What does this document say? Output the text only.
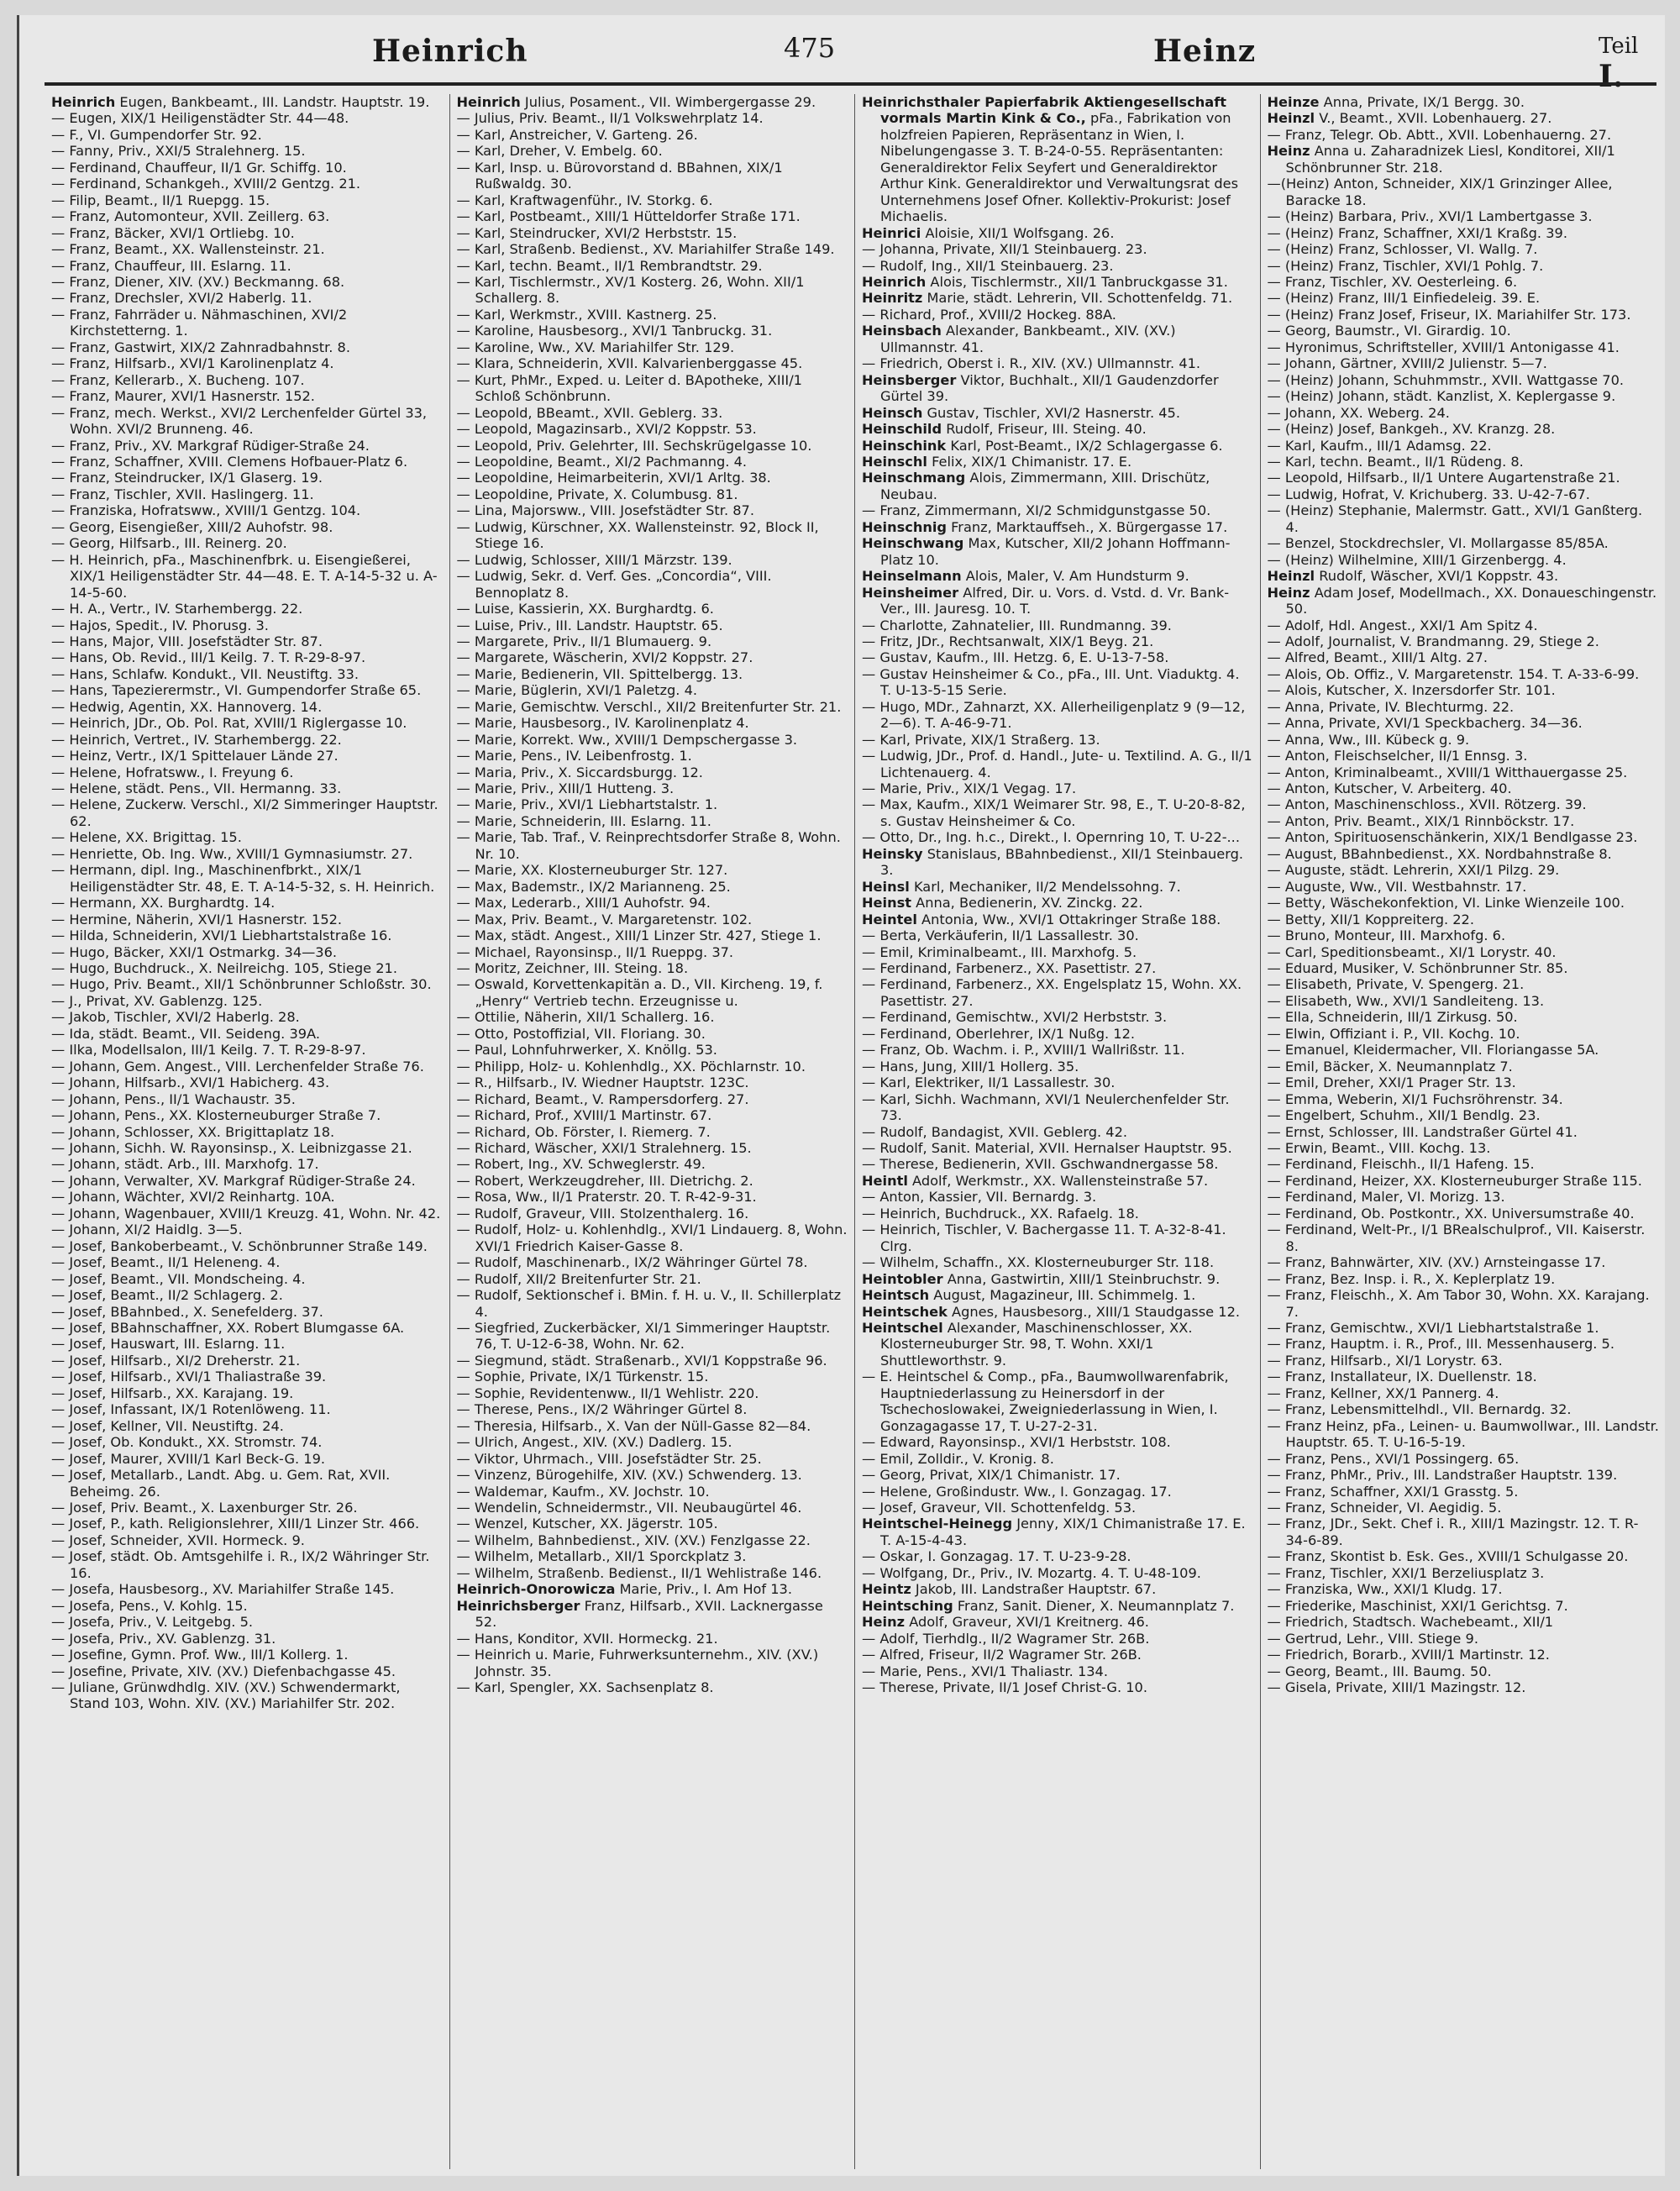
Heinrich	475	Heinz	Teil I.

Heinrich Eugen, Bankbeamt., III. Landstr. Hauptstr. 19.

— Eugen, XIX/1 Heiligenstädter Str. 44—48.

— F., VI. Gumpendorfer Str. 92.

— Fanny, Priv., XXI/5 Stralehnerg. 15.

— Ferdinand, Chauffeur, II/1 Gr. Schiffg. 10.

— Ferdinand, Schankgeh., XVIII/2 Gentzg. 21.

— Filip, Beamt., II/1 Ruepgg. 15.

— Franz, Automonteur, XVII. Zeillerg. 63.

— Franz, Bäcker, XVI/1 Ortliebg. 10.

— Franz, Beamt., XX. Wallensteinstr. 21.

— Franz, Chauffeur, III. Eslarng. 11.

— Franz, Diener, XIV. (XV.) Beckmanng. 68.

— Franz, Drechsler, XVI/2 Haberlg. 11.

— Franz, Fahrräder u. Nähmaschinen, XVI/2 Kirchstetterng. 1.

— Franz, Gastwirt, XIX/2 Zahnradbahnstr. 8.

— Franz, Hilfsarb., XVI/1 Karolinenplatz 4.

— Franz, Kellerarb., X. Bucheng. 107.

— Franz, Maurer, XVI/1 Hasnerstr. 152.

— Franz, mech. Werkst., XVI/2 Lerchenfelder Gürtel 33, Wohn. XVI/2 Brunneng. 46.

— Franz, Priv., XV. Markgraf Rüdiger-Straße 24.

— Franz, Schaffner, XVIII. Clemens Hofbauer-Platz 6.

— Franz, Steindrucker, IX/1 Glaserg. 19.

— Franz, Tischler, XVII. Haslingerg. 11.

— Franziska, Hofratsww., XVIII/1 Gentzg. 104.

— Georg, Eisengießer, XIII/2 Auhofstr. 98.

— Georg, Hilfsarb., III. Reinerg. 20.

— H. Heinrich, pFa., Maschinenfbrk. u. Eisengießerei, XIX/1 Heiligenstädter Str. 44—48. E. T. A-14-5-32 u. A-14-5-60.

— H. A., Vertr., IV. Starhembergg. 22.

— Hajos, Spedit., IV. Phorusg. 3.

— Hans, Major, VIII. Josefstädter Str. 87.

— Hans, Ob. Revid., III/1 Keilg. 7. T. R-29-8-97.

— Hans, Schlafw. Kondukt., VII. Neustiftg. 33.

— Hans, Tapezierermstr., VI. Gumpendorfer Straße 65.

— Hedwig, Agentin, XX. Hannoverg. 14.

— Heinrich, JDr., Ob. Pol. Rat, XVIII/1 Riglergasse 10.

— Heinrich, Vertret., IV. Starhembergg. 22.

— Heinz, Vertr., IX/1 Spittelauer Lände 27.

— Helene, Hofratsww., I. Freyung 6.

— Helene, städt. Pens., VII. Hermanng. 33.

— Helene, Zuckerw. Verschl., XI/2 Simmeringer Hauptstr. 62.

— Helene, XX. Brigittag. 15.

— Henriette, Ob. Ing. Ww., XVIII/1 Gymnasiumstr. 27.

— Hermann, dipl. Ing., Maschinenfbrkt., XIX/1 Heiligenstädter Str. 48, E. T. A-14-5-32, s. H. Heinrich.

— Hermann, XX. Burghardtg. 14.

— Hermine, Näherin, XVI/1 Hasnerstr. 152.

— Hilda, Schneiderin, XVI/1 Liebhartstalstraße 16.

— Hugo, Bäcker, XXI/1 Ostmarkg. 34—36.

— Hugo, Buchdruck., X. Neilreichg. 105, Stiege 21.

— Hugo, Priv. Beamt., XII/1 Schönbrunner Schloßstr. 30.

— J., Privat, XV. Gablenzg. 125.

— Jakob, Tischler, XVI/2 Haberlg. 28.

— Ida, städt. Beamt., VII. Seideng. 39A.

— Ilka, Modellsalon, III/1 Keilg. 7. T. R-29-8-97.

— Johann, Gem. Angest., VIII. Lerchenfelder Straße 76.

— Johann, Hilfsarb., XVI/1 Habicherg. 43.

— Johann, Pens., II/1 Wachaustr. 35.

— Johann, Pens., XX. Klosterneuburger Straße 7.

— Johann, Schlosser, XX. Brigittaplatz 18.

— Johann, Sichh. W. Rayonsinsp., X. Leibnizgasse 21.

— Johann, städt. Arb., III. Marxhofg. 17.

— Johann, Verwalter, XV. Markgraf Rüdiger-Straße 24.

— Johann, Wächter, XVI/2 Reinhartg. 10A.

— Johann, Wagenbauer, XVIII/1 Kreuzg. 41, Wohn. Nr. 42.

— Johann, XI/2 Haidlg. 3—5.

— Josef, Bankoberbeamt., V. Schönbrunner Straße 149.

— Josef, Beamt., II/1 Heleneng. 4.

— Josef, Beamt., VII. Mondscheing. 4.

— Josef, Beamt., II/2 Schlagerg. 2.

— Josef, BBahnbed., X. Senefelderg. 37.

— Josef, BBahnschaffner, XX. Robert Blumgasse 6A.

— Josef, Hauswart, III. Eslarng. 11.

— Josef, Hilfsarb., XI/2 Dreherstr. 21.

— Josef, Hilfsarb., XVI/1 Thaliastraße 39.

— Josef, Hilfsarb., XX. Karajang. 19.

— Josef, Infassant, IX/1 Rotenlöweng. 11.

— Josef, Kellner, VII. Neustiftg. 24.

— Josef, Ob. Kondukt., XX. Stromstr. 74.

— Josef, Maurer, XVIII/1 Karl Beck-G. 19.

— Josef, Metallarb., Landt. Abg. u. Gem. Rat, XVII. Beheimg. 26.

— Josef, Priv. Beamt., X. Laxenburger Str. 26.

— Josef, P., kath. Religionslehrer, XIII/1 Linzer Str. 466.

— Josef, Schneider, XVII. Hormeck. 9.

— Josef, städt. Ob. Amtsgehilfe i. R., IX/2 Währinger Str. 16.

— Josefa, Hausbesorg., XV. Mariahilfer Straße 145.

— Josefa, Pens., V. Kohlg. 15.

— Josefa, Priv., V. Leitgebg. 5.

— Josefa, Priv., XV. Gablenzg. 31.

— Josefine, Gymn. Prof. Ww., III/1 Kollerg. 1.

— Josefine, Private, XIV. (XV.) Diefenbachgasse 45.

— Juliane, Grünwdhdlg. XIV. (XV.) Schwendermarkt, Stand 103, Wohn. XIV. (XV.) Mariahilfer Str. 202.

Heinrich Julius, Posament., VII. Wimbergergasse 29.

— Julius, Priv. Beamt., II/1 Volkswehrplatz 14.

— Karl, Anstreicher, V. Garteng. 26.

— Karl, Dreher, V. Embelg. 60.

— Karl, Insp. u. Bürovorstand d. BBahnen, XIX/1 Rußwaldg. 30.

— Karl, Kraftwagenführ., IV. Storkg. 6.

— Karl, Postbeamt., XIII/1 Hütteldorfer Straße 171.

— Karl, Steindrucker, XVI/2 Herbststr. 15.

— Karl, Straßenb. Bedienst., XV. Mariahilfer Straße 149.

— Karl, techn. Beamt., II/1 Rembrandtstr. 29.

— Karl, Tischlermstr., XV/1 Kosterg. 26, Wohn. XII/1 Schallerg. 8.

— Karl, Werkmstr., XVIII. Kastnerg. 25.

— Karoline, Hausbesorg., XVI/1 Tanbruckg. 31.

— Karoline, Ww., XV. Mariahilfer Str. 129.

— Klara, Schneiderin, XVII. Kalvarienberggasse 45.

— Kurt, PhMr., Exped. u. Leiter d. BApotheke, XIII/1 Schloß Schönbrunn.

— Leopold, BBeamt., XVII. Geblerg. 33.

— Leopold, Magazinsarb., XVI/2 Koppstr. 53.

— Leopold, Priv. Gelehrter, III. Sechskrügelgasse 10.

— Leopoldine, Beamt., XI/2 Pachmanng. 4.

— Leopoldine, Heimarbeiterin, XVI/1 Arltg. 38.

— Leopoldine, Private, X. Columbusg. 81.

— Lina, Majorsww., VIII. Josefstädter Str. 87.

— Ludwig, Kürschner, XX. Wallensteinstr. 92, Block II, Stiege 16.

— Ludwig, Schlosser, XIII/1 Märzstr. 139.

— Ludwig, Sekr. d. Verf. Ges. „Concordia“, VIII. Bennoplatz 8.

— Luise, Kassierin, XX. Burghardtg. 6.

— Luise, Priv., III. Landstr. Hauptstr. 65.

— Margarete, Priv., II/1 Blumauerg. 9.

— Margarete, Wäscherin, XVI/2 Koppstr. 27.

— Marie, Bedienerin, VII. Spittelbergg. 13.

— Marie, Büglerin, XVI/1 Paletzg. 4.

— Marie, Gemischtw. Verschl., XII/2 Breitenfurter Str. 21.

— Marie, Hausbesorg., IV. Karolinenplatz 4.

— Marie, Korrekt. Ww., XVIII/1 Dempschergasse 3.

— Marie, Pens., IV. Leibenfrostg. 1.

— Maria, Priv., X. Siccardsburgg. 12.

— Marie, Priv., XIII/1 Hutteng. 3.

— Marie, Priv., XVI/1 Liebhartstalstr. 1.

— Marie, Schneiderin, III. Eslarng. 11.

— Marie, Tab. Traf., V. Reinprechtsdorfer Straße 8, Wohn. Nr. 10.

— Marie, XX. Klosterneuburger Str. 127.

— Max, Bademstr., IX/2 Marianneng. 25.

— Max, Lederarb., XIII/1 Auhofstr. 94.

— Max, Priv. Beamt., V. Margaretenstr. 102.

— Max, städt. Angest., XIII/1 Linzer Str. 427, Stiege 1.

— Michael, Rayonsinsp., II/1 Rueppg. 37.

— Moritz, Zeichner, III. Steing. 18.

— Oswald, Korvettenkapitän a. D., VII. Kircheng. 19, f. „Henry“ Vertrieb techn. Erzeugnisse u.

— Ottilie, Näherin, XII/1 Schallerg. 16.

— Otto, Postoffizial, VII. Floriang. 30.

— Paul, Lohnfuhrwerker, X. Knöllg. 53.

— Philipp, Holz- u. Kohlenhdlg., XX. Pöchlarnstr. 10.

— R., Hilfsarb., IV. Wiedner Hauptstr. 123C.

— Richard, Beamt., V. Rampersdorferg. 27.

— Richard, Prof., XVIII/1 Martinstr. 67.

— Richard, Ob. Förster, I. Riemerg. 7.

— Richard, Wäscher, XXI/1 Stralehnerg. 15.

— Robert, Ing., XV. Schweglerstr. 49.

— Robert, Werkzeugdreher, III. Dietrichg. 2.

— Rosa, Ww., II/1 Praterstr. 20. T. R-42-9-31.

— Rudolf, Graveur, VIII. Stolzenthalerg. 16.

— Rudolf, Holz- u. Kohlenhdlg., XVI/1 Lindauerg. 8, Wohn. XVI/1 Friedrich Kaiser-Gasse 8.

— Rudolf, Maschinenarb., IX/2 Währinger Gürtel 78.

— Rudolf, XII/2 Breitenfurter Str. 21.

— Rudolf, Sektionschef i. BMin. f. H. u. V., II. Schillerplatz 4.

— Siegfried, Zuckerbäcker, XI/1 Simmeringer Hauptstr. 76, T. U-12-6-38, Wohn. Nr. 62.

— Siegmund, städt. Straßenarb., XVI/1 Koppstraße 96.

— Sophie, Private, IX/1 Türkenstr. 15.

— Sophie, Revidentenww., II/1 Wehlistr. 220.

— Therese, Pens., IX/2 Währinger Gürtel 8.

— Theresia, Hilfsarb., X. Van der Nüll-Gasse 82—84.

— Ulrich, Angest., XIV. (XV.) Dadlerg. 15.

— Viktor, Uhrmach., VIII. Josefstädter Str. 25.

— Vinzenz, Bürogehilfe, XIV. (XV.) Schwenderg. 13.

— Waldemar, Kaufm., XV. Jochstr. 10.

— Wendelin, Schneidermstr., VII. Neubaugürtel 46.

— Wenzel, Kutscher, XX. Jägerstr. 105.

— Wilhelm, Bahnbedienst., XIV. (XV.) Fenzlgasse 22.

— Wilhelm, Metallarb., XII/1 Sporckplatz 3.

— Wilhelm, Straßenb. Bedienst., II/1 Wehlistraße 146.

Heinrich-Onorowicza Marie, Priv., I. Am Hof 13.

Heinrichsberger Franz, Hilfsarb., XVII. Lacknergasse 52.

— Hans, Konditor, XVII. Hormeckg. 21.

— Heinrich u. Marie, Fuhrwerksunternehm., XIV. (XV.) Johnstr. 35.

— Karl, Spengler, XX. Sachsenplatz 8.

Heinrichsthaler Papierfabrik Aktiengesellschaft vormals Martin Kink & Co., pFa., Fabrikation von holzfreien Papieren, Repräsentanz in Wien, I. Nibelungengasse 3. T. B-24-0-55. Repräsentanten: Generaldirektor Felix Seyfert und Generaldirektor Arthur Kink. Generaldirektor und Verwaltungsrat des Unternehmens Josef Ofner. Kollektiv-Prokurist: Josef Michaelis.

Heinrici Aloisie, XII/1 Wolfsgang. 26.

— Johanna, Private, XII/1 Steinbauerg. 23.

— Rudolf, Ing., XII/1 Steinbauerg. 23.

Heinrich Alois, Tischlermstr., XII/1 Tanbruckgasse 31.

Heinritz Marie, städt. Lehrerin, VII. Schottenfeldg. 71.

— Richard, Prof., XVIII/2 Hockeg. 88A.

Heinsbach Alexander, Bankbeamt., XIV. (XV.) Ullmannstr. 41.

— Friedrich, Oberst i. R., XIV. (XV.) Ullmannstr. 41.

Heinsberger Viktor, Buchhalt., XII/1 Gaudenzdorfer Gürtel 39.

Heinsch Gustav, Tischler, XVI/2 Hasnerstr. 45.

Heinschild Rudolf, Friseur, III. Steing. 40.

Heinschink Karl, Post-Beamt., IX/2 Schlagergasse 6.

Heinschl Felix, XIX/1 Chimanistr. 17. E.

Heinschmang Alois, Zimmermann, XIII. Drischütz, Neubau.

— Franz, Zimmermann, XI/2 Schmidgunstgasse 50.

Heinschnig Franz, Marktauffseh., X. Bürgergasse 17.

Heinschwang Max, Kutscher, XII/2 Johann Hoffmann-Platz 10.

Heinselmann Alois, Maler, V. Am Hundsturm 9.

Heinsheimer Alfred, Dir. u. Vors. d. Vstd. d. Vr. Bank-Ver., III. Jauresg. 10. T.

— Charlotte, Zahnatelier, III. Rundmanng. 39.

— Fritz, JDr., Rechtsanwalt, XIX/1 Beyg. 21.

— Gustav, Kaufm., III. Hetzg. 6, E. U-13-7-58.

— Gustav Heinsheimer & Co., pFa., III. Unt. Viaduktg. 4. T. U-13-5-15 Serie.

— Hugo, MDr., Zahnarzt, XX. Allerheiligenplatz 9 (9—12, 2—6). T. A-46-9-71.

— Karl, Private, XIX/1 Straßerg. 13.

— Ludwig, JDr., Prof. d. Handl., Jute- u. Textilind. A. G., II/1 Lichtenauerg. 4.

— Marie, Priv., XIX/1 Vegag. 17.

— Max, Kaufm., XIX/1 Weimarer Str. 98, E., T. U-20-8-82, s. Gustav Heinsheimer & Co.

— Otto, Dr., Ing. h.c., Direkt., I. Opernring 10, T. U-22-...

Heinsky Stanislaus, BBahnbedienst., XII/1 Steinbauerg. 3.

Heinsl Karl, Mechaniker, II/2 Mendelssohng. 7.

Heinst Anna, Bedienerin, XV. Zinckg. 22.

Heintel Antonia, Ww., XVI/1 Ottakringer Straße 188.

— Berta, Verkäuferin, II/1 Lassallestr. 30.

— Emil, Kriminalbeamt., III. Marxhofg. 5.

— Ferdinand, Farbenerz., XX. Pasettistr. 27.

— Ferdinand, Farbenerz., XX. Engelsplatz 15, Wohn. XX. Pasettistr. 27.

— Ferdinand, Gemischtw., XVI/2 Herbststr. 3.

— Ferdinand, Oberlehrer, IX/1 Nußg. 12.

— Franz, Ob. Wachm. i. P., XVIII/1 Wallrißstr. 11.

— Hans, Jung, XIII/1 Hollerg. 35.

— Karl, Elektriker, II/1 Lassallestr. 30.

— Karl, Sichh. Wachmann, XVI/1 Neulerchenfelder Str. 73.

— Rudolf, Bandagist, XVII. Geblerg. 42.

— Rudolf, Sanit. Material, XVII. Hernalser Hauptstr. 95.

— Therese, Bedienerin, XVII. Gschwandnergasse 58.

Heintl Adolf, Werkmstr., XX. Wallensteinstraße 57.

— Anton, Kassier, VII. Bernardg. 3.

— Heinrich, Buchdruck., XX. Rafaelg. 18.

— Heinrich, Tischler, V. Bachergasse 11. T. A-32-8-41. Clrg.

— Wilhelm, Schaffn., XX. Klosterneuburger Str. 118.

Heintobler Anna, Gastwirtin, XIII/1 Steinbruchstr. 9.

Heintsch August, Magazineur, III. Schimmelg. 1.

Heintschek Agnes, Hausbesorg., XIII/1 Staudgasse 12.

Heintschel Alexander, Maschinenschlosser, XX. Klosterneuburger Str. 98, T. Wohn. XXI/1 Shuttleworthstr. 9.

— E. Heintschel & Comp., pFa., Baumwollwarenfabrik, Hauptniederlassung zu Heinersdorf in der Tschechoslowakei, Zweigniederlassung in Wien, I. Gonzagagasse 17, T. U-27-2-31.

— Edward, Rayonsinsp., XVI/1 Herbststr. 108.

— Emil, Zolldir., V. Kronig. 8.

— Georg, Privat, XIX/1 Chimanistr. 17.

— Helene, Großindustr. Ww., I. Gonzagag. 17.

— Josef, Graveur, VII. Schottenfeldg. 53.

Heintschel-Heinegg Jenny, XIX/1 Chimanistraße 17. E. T. A-15-4-43.

— Oskar, I. Gonzagag. 17. T. U-23-9-28.

— Wolfgang, Dr., Priv., IV. Mozartg. 4. T. U-48-109.

Heintz Jakob, III. Landstraßer Hauptstr. 67.

Heintsching Franz, Sanit. Diener, X. Neumannplatz 7.

Heinz Adolf, Graveur, XVI/1 Kreitnerg. 46.

— Adolf, Tierhdlg., II/2 Wagramer Str. 26B.

— Alfred, Friseur, II/2 Wagramer Str. 26B.

— Marie, Pens., XVI/1 Thaliastr. 134.

— Therese, Private, II/1 Josef Christ-G. 10.

Heinze Anna, Private, IX/1 Bergg. 30.

Heinzl V., Beamt., XVII. Lobenhauerg. 27.

— Franz, Telegr. Ob. Abtt., XVII. Lobenhauerng. 27.

Heinz Anna u. Zaharadnizek Liesl, Konditorei, XII/1 Schönbrunner Str. 218.

—(Heinz) Anton, Schneider, XIX/1 Grinzinger Allee, Baracke 18.

— (Heinz) Barbara, Priv., XVI/1 Lambertgasse 3.

— (Heinz) Franz, Schaffner, XXI/1 Kraßg. 39.

— (Heinz) Franz, Schlosser, VI. Wallg. 7.

— (Heinz) Franz, Tischler, XVI/1 Pohlg. 7.

— Franz, Tischler, XV. Oesterleing. 6.

— (Heinz) Franz, III/1 Einfiedeleig. 39. E.

— (Heinz) Franz Josef, Friseur, IX. Mariahilfer Str. 173.

— Georg, Baumstr., VI. Girardig. 10.

— Hyronimus, Schriftsteller, XVIII/1 Antonigasse 41.

— Johann, Gärtner, XVIII/2 Julienstr. 5—7.

— (Heinz) Johann, Schuhmmstr., XVII. Wattgasse 70.

— (Heinz) Johann, städt. Kanzlist, X. Keplergasse 9.

— Johann, XX. Weberg. 24.

— (Heinz) Josef, Bankgeh., XV. Kranzg. 28.

— Karl, Kaufm., III/1 Adamsg. 22.

— Karl, techn. Beamt., II/1 Rüdeng. 8.

— Leopold, Hilfsarb., II/1 Untere Augartenstraße 21.

— Ludwig, Hofrat, V. Krichuberg. 33. U-42-7-67.

— (Heinz) Stephanie, Malermstr. Gatt., XVI/1 Ganßterg. 4.

— Benzel, Stockdrechsler, VI. Mollargasse 85/85A.

— (Heinz) Wilhelmine, XIII/1 Girzenbergg. 4.

Heinzl Rudolf, Wäscher, XVI/1 Koppstr. 43.

Heinz Adam Josef, Modellmach., XX. Donaueschingenstr. 50.

— Adolf, Hdl. Angest., XXI/1 Am Spitz 4.

— Adolf, Journalist, V. Brandmanng. 29, Stiege 2.

— Alfred, Beamt., XIII/1 Altg. 27.

— Alois, Ob. Offiz., V. Margaretenstr. 154. T. A-33-6-99.

— Alois, Kutscher, X. Inzersdorfer Str. 101.

— Anna, Private, IV. Blechturmg. 22.

— Anna, Private, XVI/1 Speckbacherg. 34—36.

— Anna, Ww., III. Kübeck g. 9.

— Anton, Fleischselcher, II/1 Ennsg. 3.

— Anton, Kriminalbeamt., XVIII/1 Witthauergasse 25.

— Anton, Kutscher, V. Arbeiterg. 40.

— Anton, Maschinenschloss., XVII. Rötzerg. 39.

— Anton, Priv. Beamt., XIX/1 Rinnböckstr. 17.

— Anton, Spirituosenschänkerin, XIX/1 Bendlgasse 23.

— August, BBahnbedienst., XX. Nordbahnstraße 8.

— Auguste, städt. Lehrerin, XXI/1 Pilzg. 29.

— Auguste, Ww., VII. Westbahnstr. 17.

— Betty, Wäschekonfektion, VI. Linke Wienzeile 100.

— Betty, XII/1 Koppreiterg. 22.

— Bruno, Monteur, III. Marxhofg. 6.

— Carl, Speditionsbeamt., XI/1 Lorystr. 40.

— Eduard, Musiker, V. Schönbrunner Str. 85.

— Elisabeth, Private, V. Spengerg. 21.

— Elisabeth, Ww., XVI/1 Sandleiteng. 13.

— Ella, Schneiderin, III/1 Zirkusg. 50.

— Elwin, Offiziant i. P., VII. Kochg. 10.

— Emanuel, Kleidermacher, VII. Floriangasse 5A.

— Emil, Bäcker, X. Neumannplatz 7.

— Emil, Dreher, XXI/1 Prager Str. 13.

— Emma, Weberin, XI/1 Fuchsröhrenstr. 34.

— Engelbert, Schuhm., XII/1 Bendlg. 23.

— Ernst, Schlosser, III. Landstraßer Gürtel 41.

— Erwin, Beamt., VIII. Kochg. 13.

— Ferdinand, Fleischh., II/1 Hafeng. 15.

— Ferdinand, Heizer, XX. Klosterneuburger Straße 115.

— Ferdinand, Maler, VI. Morizg. 13.

— Ferdinand, Ob. Postkontr., XX. Universumstraße 40.

— Ferdinand, Welt-Pr., I/1 BRealschulprof., VII. Kaiserstr. 8.

— Franz, Bahnwärter, XIV. (XV.) Arnsteingasse 17.

— Franz, Bez. Insp. i. R., X. Keplerplatz 19.

— Franz, Fleischh., X. Am Tabor 30, Wohn. XX. Karajang. 7.

— Franz, Gemischtw., XVI/1 Liebhartstalstraße 1.

— Franz, Hauptm. i. R., Prof., III. Messenhauserg. 5.

— Franz, Hilfsarb., XI/1 Lorystr. 63.

— Franz, Installateur, IX. Duellenstr. 18.

— Franz, Kellner, XX/1 Pannerg. 4.

— Franz, Lebensmittelhdl., VII. Bernardg. 32.

— Franz Heinz, pFa., Leinen- u. Baumwollwar., III. Landstr. Hauptstr. 65. T. U-16-5-19.

— Franz, Pens., XVI/1 Possingerg. 65.

— Franz, PhMr., Priv., III. Landstraßer Hauptstr. 139.

— Franz, Schaffner, XXI/1 Grasstg. 5.

— Franz, Schneider, VI. Aegidig. 5.

— Franz, JDr., Sekt. Chef i. R., XIII/1 Mazingstr. 12. T. R-34-6-89.

— Franz, Skontist b. Esk. Ges., XVIII/1 Schulgasse 20.

— Franz, Tischler, XXI/1 Berzeliusplatz 3.

— Franziska, Ww., XXI/1 Kludg. 17.

— Friederike, Maschinist, XXI/1 Gerichtsg. 7.

— Friedrich, Stadtsch. Wachebeamt., XII/1

— Gertrud, Lehr., VIII. Stiege 9.

— Friedrich, Borarb., XVIII/1 Martinstr. 12.

— Georg, Beamt., III. Baumg. 50.

— Gisela, Private, XIII/1 Mazingstr. 12.
